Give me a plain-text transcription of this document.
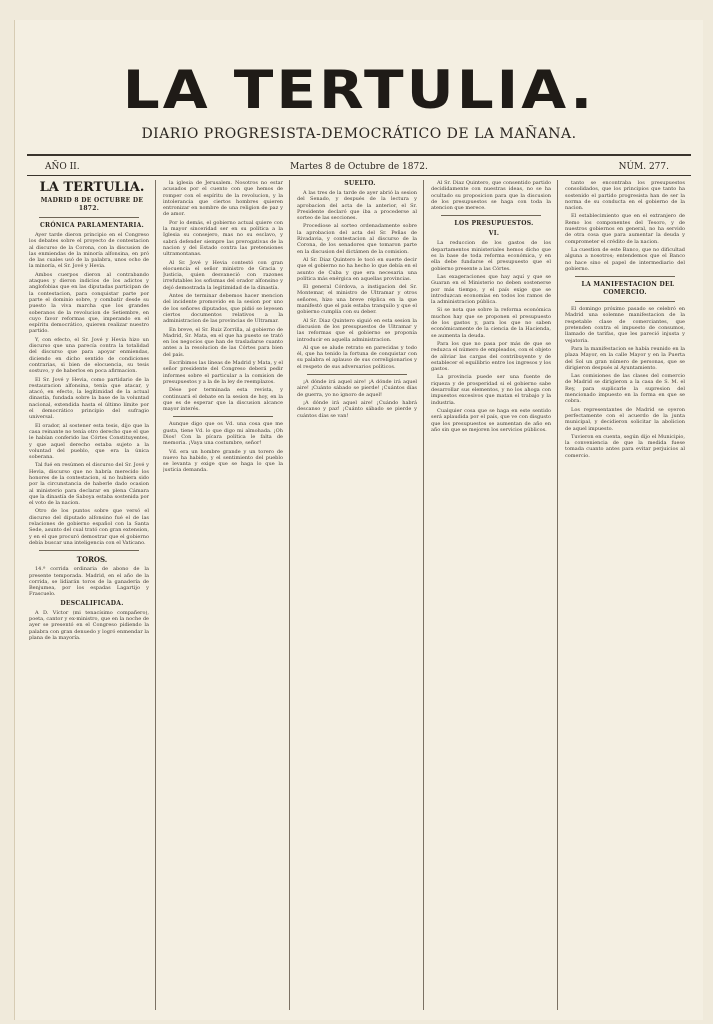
LA TERTULIA.
DIARIO PROGRESISTA-DEMOCRÁTICO DE LA MAÑANA.
AÑO II.	Martes 8 de Octubre de 1872.	NÚM. 277.

LA TERTULIA.

MADRID 8 DE OCTUBRE DE 1872.

CRÓNICA PARLAMENTARIA.

Ayer tarde dieron principio en el Congreso los debates sobre el proyecto de contestacion al discurso de la Corona, con la discusion de las enmiendas de la minoría alfonsina, en pró de las cuales usó de la palabra, unos ocho de la minoría, el Sr. Jové y Hevia.

Ambos cuerpos dieron al contrabando ataques y dieron indicios de los adictos y anglofobias que en las diputadas participan de la contestacion, para conquistar parte por parte el dominio sobre, y combatir desde su puesto la viva marcha que los grandes soberanos de la revolucion de Setiembre, en cuyo favor reformas que, imperando en el espíritu democrático, quieren realizar nuestro partido.

Y, con efecto, el Sr. Jové y Hevia hizo un discurso que una parecía contra la totalidad del discurso que para apoyar enmiendas, diciendo en dicho sentido de condiciones contrarias, si bien de elocuencia, su tesis sostuvo, y de haberlos en poca afirmacion.

El Sr. Jové y Hevia, como partidario de la restauracion alfonsina, tenía que atacar, y atacó, en efecto, la legitimidad de la actual dinastía, fundada sobre la base de la voluntad nacional, extendida hasta el último límite por el democrático principio del sufragio universal.

El orador, al sostener esta tesis, dijo que la casa reinante no tenía otro derecho que el que le habían conferido las Córtes Constituyentes, y que aquel derecho estaba sujeto a la voluntad del pueblo, que era la única soberana.

Tal fué en resúmen el discurso del Sr. Jové y Hevia, discurso que no habría merecido los honores de la contestacion, si no hubiera sido por la circunstancia de haberle dado ocasion al ministerio para declarar en plena Cámara que la dinastía de Saboya estaba sostenida por el voto de la nacion.

Otro de los puntos sobre que versó el discurso del diputado alfonsino fué el de las relaciones de gobierno español con la Santa Sede, asunto del cual trató con gran extension, y en el que procuró demostrar que el gobierno debía buscar una inteligencia con el Vaticano.

TOROS.

14.ª corrida ordinaria de abono de la presente temporada. Madrid, en el año de la corrida, se lidiarán toros de la ganadería de Benjumea, por los espadas Lagartijo y Frascuelo.

DESCALIFICADA.

A D. Víctor (mi tenacísimo compañero), poeta, cantor y ex-ministro, que en la noche de ayer se presentó en el Congreso pidiendo la palabra con gran denuedo y logró enmendar la plana de la mayoría.

la iglesia de Jerusalem. Nosotros no estar acusados por el cuento con que hemos de romper con el espíritu de la revolucion, y la intolerancia que ciertos hombres quieren entronizar en nombre de una religion de paz y de amor.

Por lo demás, el gobierno actual quiere con la mayor sinceridad ser en su política a la Iglesia su consejero, mas no su esclavo, y sabrá defender siempre las prerogativas de la nacion y del Estado contra las pretensiones ultramontanas.

Al Sr. Jové y Hevia contestó con gran elocuencia el señor ministro de Gracia y Justicia, quien desvaneció con razones irrefutables los sofismas del orador alfonsino y dejó demostrada la legitimidad de la dinastía.

Antes de terminar debemos hacer mencion del incidente promovido en la sesion por uno de los señores diputados, que pidió se leyesen ciertos documentos relativos a la administracion de las provincias de Ultramar.

En breve, el Sr. Ruiz Zorrilla, al gobierno de Madrid, Sr. Mata, en el que ha puesto se trató en los negocios que han de trasladarse cuanto antes a la resolucion de las Córtes para bien del país.

Escribimos las líneas de Madrid y Mata, y el señor presidente del Congreso deberá pedir informes sobre el particular a la comision de presupuestos y a la de la ley de reemplazos.

Dése por terminada esta revista, y continuará el debate en la sesion de hoy, en la que es de esperar que la discusion alcance mayor interés.

Aunque digo que os Vd. una cosa que me gusta, tiene Vd. lo que digo mi almohada. ¡Oh Dios! Con la pícara política le falta de memoria. ¡Vaya una costumbre, señor!

Vd. era un hombre grande y un torero de nuevo ha habido, y el sentimiento del pueblo se levanta y exige que se haga lo que la justicia demanda.

SUELTO.

A las tres de la tarde de ayer abrió la sesion del Senado, y después de la lectura y aprobacion del acta de la anterior, el Sr. Presidente declaró que iba a procederse al sorteo de las secciones.

Procediose al sorteo ordenadamente sobre la aprobacion del acta del Sr. Peñas de Rivadavia, y contestacion al discurso de la Corona, de los senadores que tomaron parte en la discusion del dictámen de la comision.

Al Sr. Diaz Quintero le tocó en suerte decir que el gobierno no ha hecho lo que debía en el asunto de Cuba y que era necesaria una política más enérgica en aquellas provincias.

El general Córdova, a instigacion del Sr. Montemar, el ministro de Ultramar y otros señores, hizo una breve réplica en la que manifestó que el país estaba tranquilo y que el gobierno cumplía con su deber.

Al Sr. Diaz Quintero siguió en esta sesion la discusion de los presupuestos de Ultramar y las reformas que el gobierno se proponía introducir en aquella administracion.

Al que se alude retrato en parecidas y todo él, que ha tenido la fortuna de conquistar con su palabra el aplauso de sus correligionarios y el respeto de sus adversarios políticos.

¡A dónde irá aquel aire! ¡A dónde irá aquel aire! ¡Cuánto sábado se pierde! ¡Cuántos días de guerra, yo no ignoro de aquel!

¡A dónde irá aquel aire! ¡Cuándo habrá descanso y paz! ¡Cuánto sábado se pierde y cuántos días se van!

Al Sr. Diaz Quintero, que consentido partido decididamente con nuestras ideas, no se ha ocultado su proposicion para que la discusion de los presupuestos se haga con toda la atencion que merece.

LOS PRESUPUESTOS.

VI.

La reduccion de los gastos de los departamentos ministeriales hemos dicho que es la base de toda reforma económica, y en ella debe fundarse el presupuesto que el gobierno presente a las Córtes.

Las exageraciones que hay aquí y que se Guaran en el Ministerio no deben sostenerse por más tiempo, y el país exige que se introduzcan economías en todos los ramos de la administracion pública.

Si se nota que sobre la reforma económica muchos hay que se proponen el presupuesto de los gastos y, para los que no saben económicamente de la ciencia de la Hacienda, se aumenta la deuda.

Para los que no pasa por más de que se reduzca el número de empleados, con el objeto de aliviar las cargas del contribuyente y de establecer el equilibrio entre los ingresos y los gastos.

La provincia puede ser una fuente de riqueza y de prosperidad si el gobierno sabe desarrollar sus elementos, y no los ahoga con impuestos excesivos que matan el trabajo y la industria.

Cualquier cosa que se haga en este sentido será aplaudida por el país, que ve con disgusto que los presupuestos se aumentan de año en año sin que se mejoren los servicios públicos.

tanto se encontraba los presupuestos consolidados, que los principios que tanto ha sostenido el partido progresista han de ser la norma de su conducta en el gobierno de la nacion.

El establecimiento que en el extranjero de Remo los componentes del Tesoro, y de nuestros gobiernos en general, no ha servido de otra cosa que para aumentar la deuda y comprometer el crédito de la nacion.

La cuestion de este Banco, que no dificultad alguna a nosotros; entendemos que el Banco no hace sino el papel de intermediario del gobierno.

LA MANIFESTACION DEL COMERCIO.

El domingo próximo pasado se celebró en Madrid una solemne manifestacion de la respetable clase de comerciantes, que pretenden contra el impuesto de consumos, llamado de tarifas, que les pareció injusta y vejatoria.

Para la manifestacion se había reunido en la plaza Mayor, en la calle Mayor y en la Puerta del Sol un gran número de personas, que se dirigieron después al Ayuntamiento.

Las comisiones de las clases del comercio de Madrid se dirigieron a la casa de S. M. el Rey, para suplicarle la supresion del mencionado impuesto en la forma en que se cobra.

Los representantes de Madrid se oyeron perfectamente con el acuerdo de la junta municipal, y decidieron solicitar la abolicion de aquel impuesto.

Tuvieron en cuenta, según dijo el Municipio, la conveniencia de que la medida fuese tomada cuanto antes para evitar perjuicios al comercio.
